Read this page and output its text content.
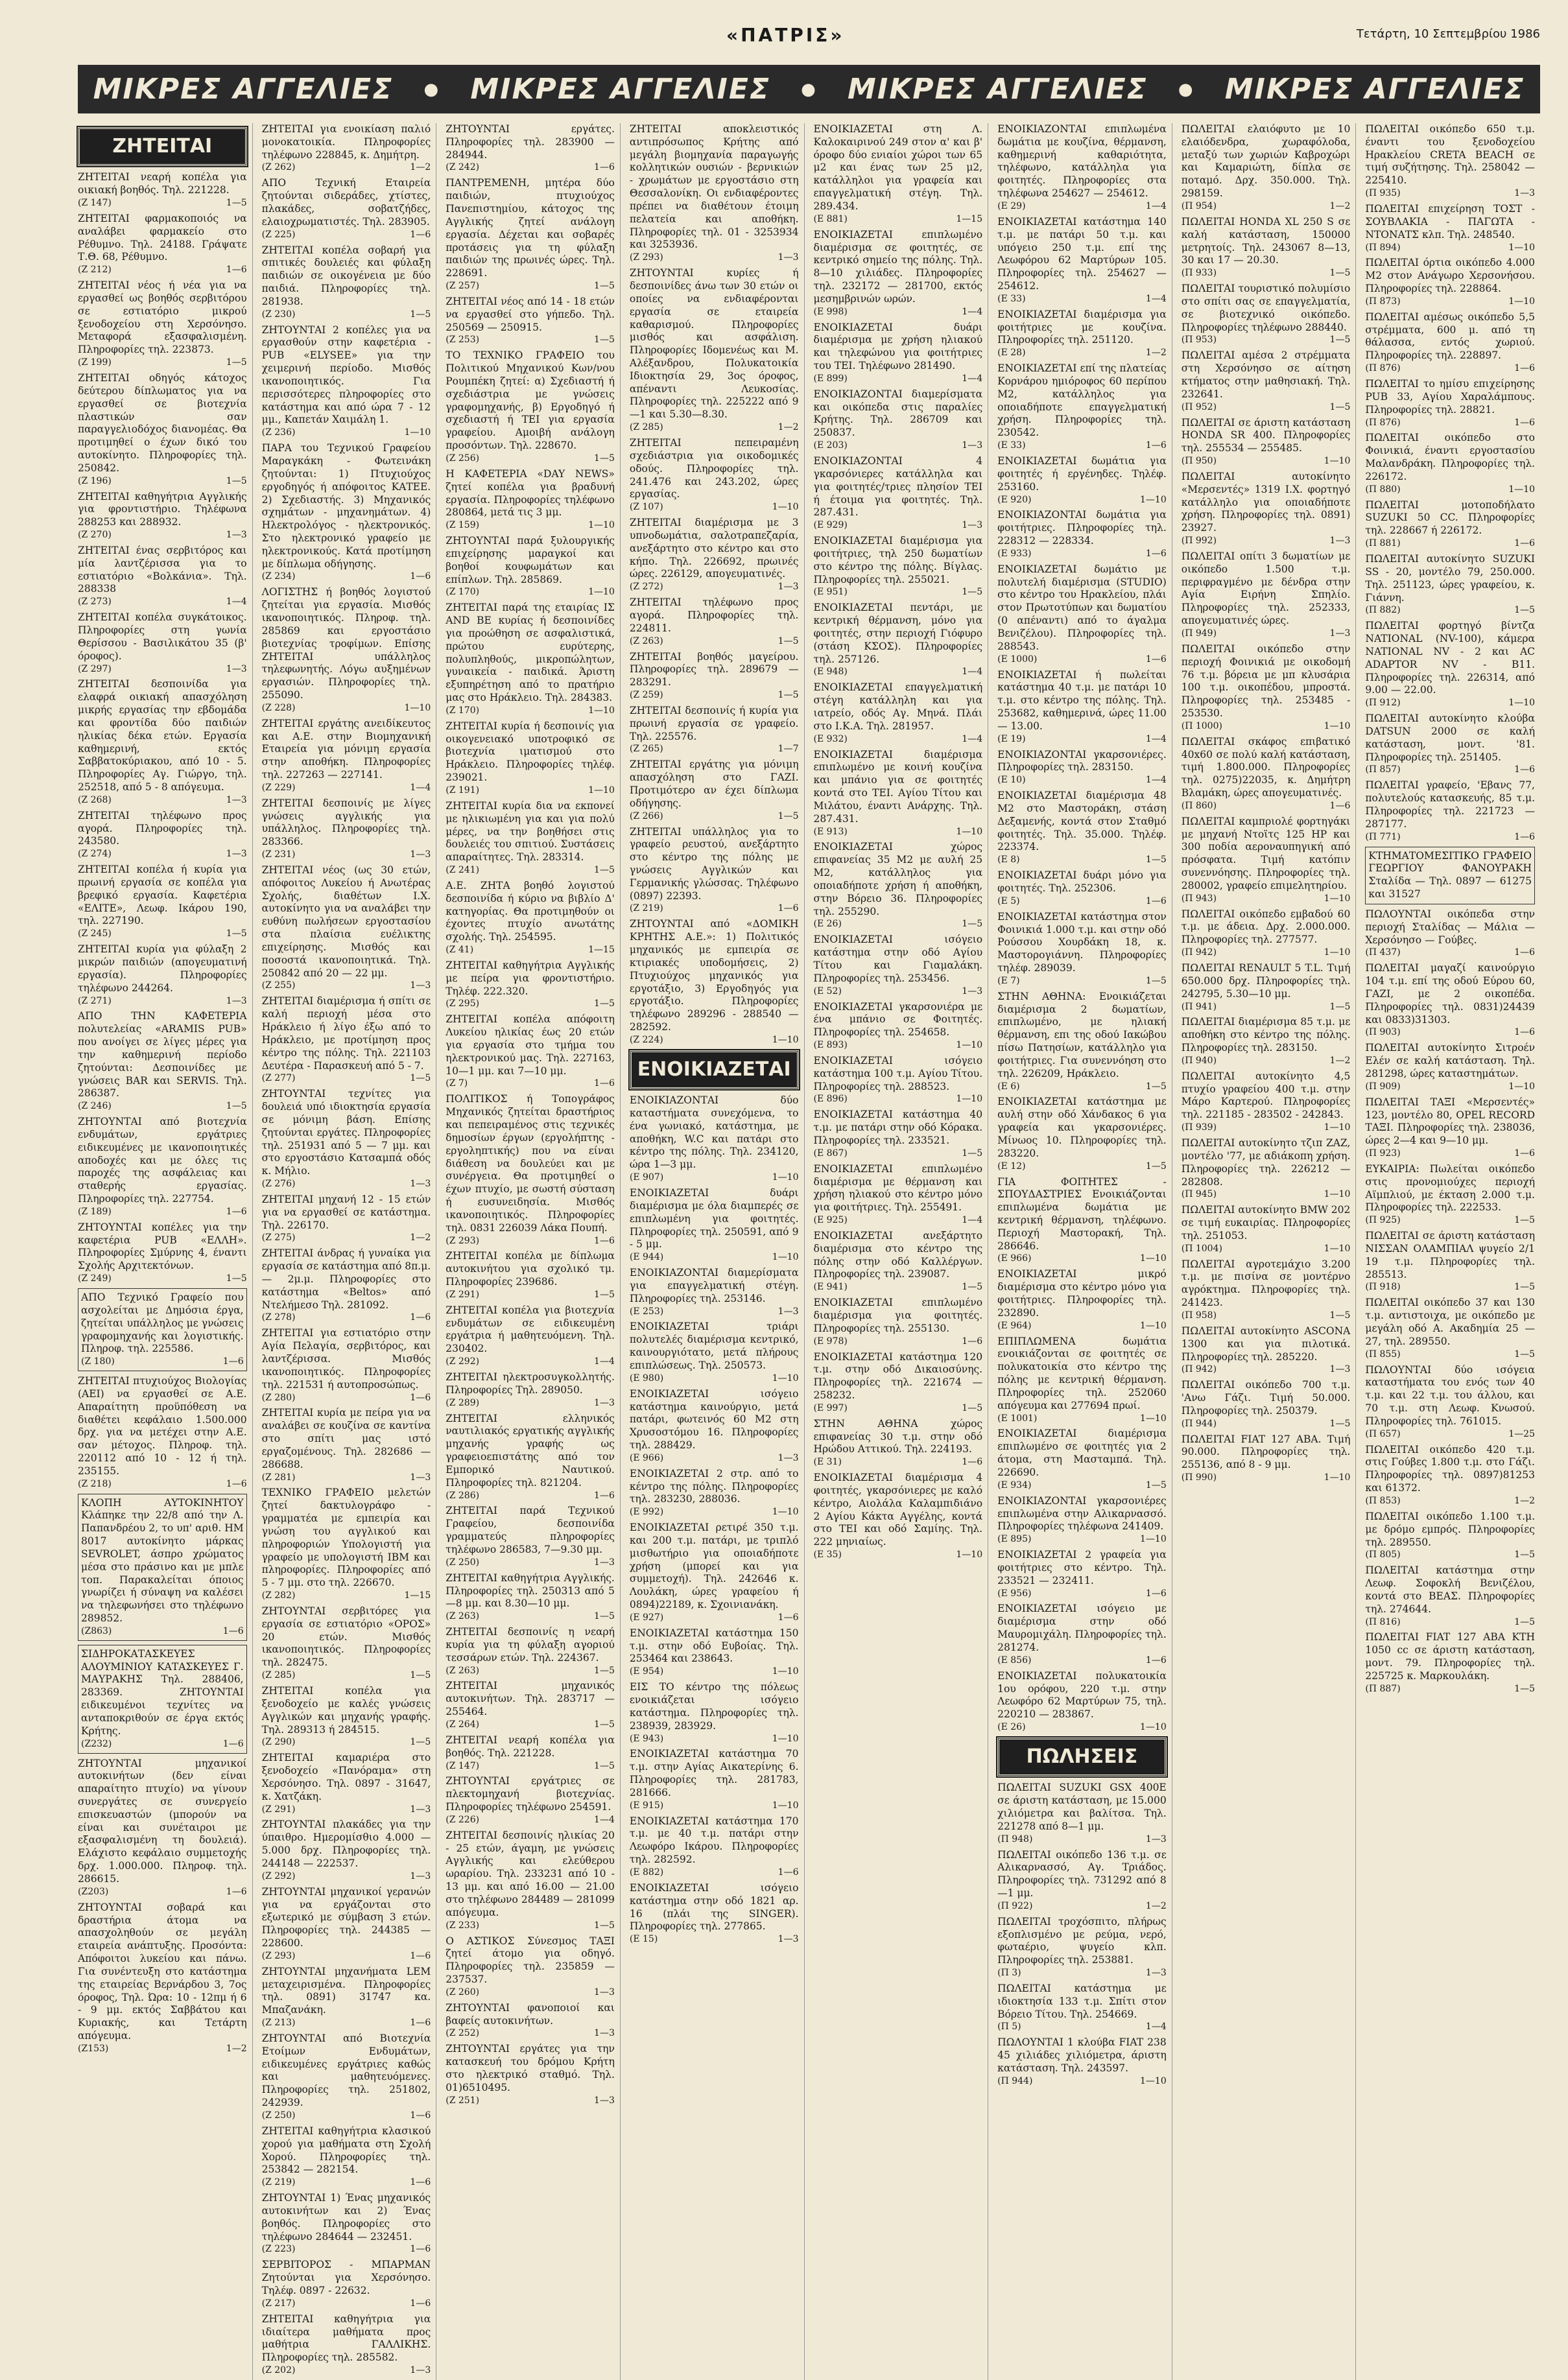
«ΠΑΤΡΙΣ»	Τετάρτη, 10 Σεπτεμβρίου 1986
ΜΙΚΡΕΣ ΑΓΓΕΛΙΕΣ ● ΜΙΚΡΕΣ ΑΓΓΕΛΙΕΣ ● ΜΙΚΡΕΣ ΑΓΓΕΛΙΕΣ ● ΜΙΚΡΕΣ ΑΓΓΕΛΙΕΣ
ΖΗΤΕΙΤΑΙ
ΖΗΤΕΙΤΑΙ νεαρή κοπέλα για οικιακή βοηθός. Τηλ. 221228.
(Ζ 147)	1—5
ΖΗΤΕΙΤΑΙ φαρμακοποιός να αναλάβει φαρμακείο στο Ρέθυμνο. Τηλ. 24188. Γράψατε Τ.Θ. 68, Ρέθυμνο.
(Ζ 212)	1—6
ΖΗΤΕΙΤΑΙ νέος ή νέα για να εργασθεί ως βοηθός σερβιτόρου σε εστιατόριο μικρού ξενοδοχείου στη Χερσόνησο. Μεταφορά εξασφαλισμένη. Πληροφορίες τηλ. 223873.
(Ζ 199)	1—5
ΖΗΤΕΙΤΑΙ οδηγός κάτοχος δεύτερου δίπλωματος για να εργασθεί σε βιοτεχνία πλαστικών σαν παραγγελιοδόχος διανομέας. Θα προτιμηθεί ο έχων δικό του αυτοκίνητο. Πληροφορίες τηλ. 250842.
(Ζ 196)	1—5
ΖΗΤΕΙΤΑΙ καθηγήτρια Αγγλικής για φροντιστήριο. Τηλέφωνα 288253 και 288932.
(Ζ 270)	1—3
ΖΗΤΕΙΤΑΙ ένας σερβιτόρος και μία λαντζέρισσα για το εστιατόριο «Βολκάνια». Τηλ. 288338
(Ζ 273)	1—4
ΖΗΤΕΙΤΑΙ κοπέλα συγκάτοικος. Πληροφορίες στη γωνία Θερίσσου - Βασιλικάτου 35 (β' όροφος).
(Ζ 297)	1—3
ΖΗΤΕΙΤΑΙ δεσποινίδα για ελαφρά οικιακή απασχόληση μικρής εργασίας την εβδομάδα και φροντίδα δύο παιδιών ηλικίας δέκα ετών. Εργασία καθημερινή, εκτός Σαββατοκύριακου, από 10 - 5. Πληροφορίες Αγ. Γιώργο, τηλ. 252518, από 5 - 8 απόγευμα.
(Ζ 268)	1—3
ΖΗΤΕΙΤΑΙ τηλέφωνο προς αγορά. Πληροφορίες τηλ. 243580.
(Ζ 274)	1—3
ΖΗΤΕΙΤΑΙ κοπέλα ή κυρία για πρωινή εργασία σε κοπέλα για βρεφικό εργασία. Καφετέρια «ΕΛΙΤΕ», Λεωφ. Ικάρου 190, τηλ. 227190.
(Ζ 245)	1—5
ΖΗΤΕΙΤΑΙ κυρία για φύλαξη 2 μικρών παιδιών (απογευματινή εργασία). Πληροφορίες τηλέφωνο 244264.
(Ζ 271)	1—3
ΑΠΟ ΤΗΝ ΚΑΦΕΤΕΡΙΑ πολυτελείας «ARAMIS PUB» που ανοίγει σε λίγες μέρες για την καθημερινή περίοδο ζητούνται: Δεσποινίδες με γνώσεις BAR και SERVIS. Τηλ. 286387.
(Ζ 246)	1—5
ΖΗΤΟΥΝΤΑΙ από βιοτεχνία ενδυμάτων, εργάτριες ειδικευμένες με ικανοποιητικές αποδοχές και με όλες τις παροχές της ασφάλειας και σταθερής εργασίας. Πληροφορίες τηλ. 227754.
(Ζ 189)	1—6
ΖΗΤΟΥΝΤΑΙ κοπέλες για την καφετέρια PUB «ΕΛΛΗ». Πληροφορίες Σμύρνης 4, έναντι Σχολής Αρχιτεκτόνων.
(Ζ 249)	1—5
ΑΠΟ Τεχνικό Γραφείο που ασχολείται με Δημόσια έργα, ζητείται υπάλληλος με γνώσεις γραφομηχανής και λογιστικής. Πληροφ. τηλ. 225586.
(Ζ 180)	1—6
ΖΗΤΕΙΤΑΙ πτυχιούχος Βιολογίας (ΑΕΙ) να εργασθεί σε Α.Ε. Απαραίτητη προϋπόθεση να διαθέτει κεφάλαιο 1.500.000 δρχ. για να μετέχει στην Α.Ε. σαν μέτοχος. Πληροφ. τηλ. 220112 από 10 - 12 ή τηλ. 235155.
(Ζ 218)	1—6
ΚΛΟΠΗ ΑΥΤΟΚΙΝΗΤΟΥ Κλάπηκε την 22/8 από την Λ. Παπανδρέου 2, το υπ' αριθ. ΗΜ 8017 αυτοκίνητο μάρκας SEVROLET, άσπρο χρώματος μέσα στο πράσινο και με μπλε τοπ. Παρακαλείται όποιος γνωρίζει ή σύναψη να καλέσει να τηλεφωνήσει στο τηλέφωνο 289852.
(Ζ863)	1—6
ΣΙΔΗΡΟΚΑΤΑΣΚΕΥΕΣ ΑΛΟΥΜΙΝΙΟΥ ΚΑΤΑΣΚΕΥΕΣ Γ. ΜΑΥΡΑΚΗΣ Τηλ. 288406, 283369. ΖΗΤΟΥΝΤΑΙ ειδικευμένοι τεχνίτες να ανταποκριθούν σε έργα εκτός Κρήτης.
(Ζ232)	1—6
ΖΗΤΟΥΝΤΑΙ μηχανικοί αυτοκινήτων (δεν είναι απαραίτητο πτυχίο) να γίνουν συνεργάτες σε συνεργείο επισκευαστών (μπορούν να είναι και συνέταιροι με εξασφαλισμένη τη δουλειά). Ελάχιστο κεφάλαιο συμμετοχής δρχ. 1.000.000. Πληροφ. τηλ. 286615.
(Ζ203)	1—6
ΖΗΤΟΥΝΤΑΙ σοβαρά και δραστήρια άτομα να απασχοληθούν σε μεγάλη εταιρεία ανάπτυξης. Προσόντα: Απόφοιτοι λυκείου και πάνω. Για συνέντευξη στο κατάστημα της εταιρείας Βερνάρδου 3, 7ος όροφος, Τηλ. Ώρα: 10 - 12πμ ή 6 - 9 μμ. εκτός Σαββάτου και Κυριακής, και Τετάρτη απόγευμα.
(Ζ153)	1—2
ΖΗΤΕΙΤΑΙ για ενοικίαση παλιό μονοκατοικία. Πληροφορίες τηλέφωνο 228845, κ. Δημήτρη.
(Ζ 262)	1—2
ΑΠΟ Τεχνική Εταιρεία ζητούνται σιδεράδες, χτίστες, πλακάδες, σοβατζήδες, ελαιοχρωματιστές. Τηλ. 283905.
(Ζ 225)	1—6
ΖΗΤΕΙΤΑΙ κοπέλα σοβαρή για σπιτικές δουλειές και φύλαξη παιδιών σε οικογένεια με δύο παιδιά. Πληροφορίες τηλ. 281938.
(Ζ 230)	1—5
ΖΗΤΟΥΝΤΑΙ 2 κοπέλες για να εργασθούν στην καφετέρια - PUB «ELYSEE» για την χειμερινή περίοδο. Μισθός ικανοποιητικός. Για περισσότερες πληροφορίες στο κατάστημα και από ώρα 7 - 12 μμ., Καπετάν Χαιμάλη 1.
(Ζ 236)	1—10
ΠΑΡΑ του Τεχνικού Γραφείου Μαραγκάκη - Φωτεινάκη ζητούνται: 1) Πτυχιούχος εργοδηγός ή απόφοιτος ΚΑΤΕΕ. 2) Σχεδιαστής. 3) Μηχανικός σχημάτων - μηχανημάτων. 4) Ηλεκτρολόγος - ηλεκτρονικός. Στο ηλεκτρονικό γραφείο με ηλεκτρονικούς. Κατά προτίμηση με δίπλωμα οδήγησης.
(Ζ 234)	1—6
ΛΟΓΙΣΤΗΣ ή βοηθός λογιστού ζητείται για εργασία. Μισθός ικανοποιητικός. Πληροφ. τηλ. 285869 και εργοστάσιο βιοτεχνίας τροφίμων. Επίσης ΖΗΤΕΙΤΑΙ υπάλληλος τηλεφωνητής. Λόγω αυξημένων εργασιών. Πληροφορίες τηλ. 255090.
(Ζ 228)	1—10
ΖΗΤΕΙΤΑΙ εργάτης ανειδίκευτος και Α.Ε. στην Βιομηχανική Εταιρεία για μόνιμη εργασία στην αποθήκη. Πληροφορίες τηλ. 227263 — 227141.
(Ζ 229)	1—4
ΖΗΤΕΙΤΑΙ δεσποινίς με λίγες γνώσεις αγγλικής για υπάλληλος. Πληροφορίες τηλ. 283366.
(Ζ 231)	1—3
ΖΗΤΕΙΤΑΙ νέος (ως 30 ετών, απόφοιτος Λυκείου ή Ανωτέρας Σχολής, διαθέτων Ι.Χ. αυτοκίνητο για να αναλάβει την ευθύνη πωλήσεων εργοστασίου στα πλαίσια ευέλικτης επιχείρησης. Μισθός και ποσοστά ικανοποιητικά. Τηλ. 250842 από 20 — 22 μμ.
(Ζ 255)	1—3
ΖΗΤΕΙΤΑΙ διαμέρισμα ή σπίτι σε καλή περιοχή μέσα στο Ηράκλειο ή λίγο έξω από το Ηράκλειο, με προτίμηση προς κέντρο της πόλης. Τηλ. 221103 Δευτέρα - Παρασκευή από 5 - 7.
(Ζ 277)	1—5
ΖΗΤΟΥΝΤΑΙ τεχνίτες για δουλειά υπό ιδιοκτησία εργασία σε μόνιμη βάση. Επίσης ζητούνται εργάτες. Πληροφορίες τηλ. 251931 από 5 — 7 μμ. και στο εργοστάσιο Κατσαμπά οδός κ. Μήλιο.
(Ζ 276)	1—3
ΖΗΤΕΙΤΑΙ μηχανή 12 - 15 ετών για να εργασθεί σε κατάστημα. Τηλ. 226170.
(Ζ 275)	1—2
ΖΗΤΕΙΤΑΙ άνδρας ή γυναίκα για εργασία σε κατάστημα από 8π.μ. — 2μ.μ. Πληροφορίες στο κατάστημα «Beltos» από Ντελήμεσο Τηλ. 281092.
(Ζ 278)	1—6
ΖΗΤΕΙΤΑΙ για εστιατόριο στην Αγία Πελαγία, σερβιτόρος, και λαντζέρισσα. Μισθός ικανοποιητικός. Πληροφορίες τηλ. 221531 ή αυτοπροσώπως.
(Ζ 280)	1—6
ΖΗΤΕΙΤΑΙ κυρία με πείρα για να αναλάβει σε κουζίνα σε καντίνα στο σπίτι μας ιστό εργαζομένους. Τηλ. 282686 — 286688.
(Ζ 281)	1—3
ΤΕΧΝΙΚΟ ΓΡΑΦΕΙΟ μελετών ζητεί δακτυλογράφο - γραμματέα με εμπειρία και γνώση του αγγλικού και πληροφοριών Υπολογιστή για γραφείο με υπολογιστή IBM και πληροφορίες. Πληροφορίες από 5 - 7 μμ. στο τηλ. 226670.
(Ζ 282)	1—15
ΖΗΤΟΥΝΤΑΙ σερβιτόρες για εργασία σε εστιατόριο «ΟΡΟΣ» 20 ετών. Μισθός ικανοποιητικός. Πληροφορίες τηλ. 282475.
(Ζ 285)	1—5
ΖΗΤΕΙΤΑΙ κοπέλα για ξενοδοχείο με καλές γνώσεις Αγγλικών και μηχανής γραφής. Τηλ. 289313 ή 284515.
(Ζ 290)	1—5
ΖΗΤΕΙΤΑΙ καμαριέρα στο ξενοδοχείο «Πανόραμα» στη Χερσόνησο. Τηλ. 0897 - 31647, κ. Χατζάκη.
(Ζ 291)	1—3
ΖΗΤΟΥΝΤΑΙ πλακάδες για την ύπαιθρο. Ημερομίσθιο 4.000 — 5.000 δρχ. Πληροφορίες τηλ. 244148 — 222537.
(Ζ 292)	1—3
ΖΗΤΟΥΝΤΑΙ μηχανικοί γερανών για να εργάζονται στο εξωτερικό με σύμβαση 3 ετών. Πληροφορίες τηλ. 244385 — 228600.
(Ζ 293)	1—6
ΖΗΤΟΥΝΤΑΙ μηχανήματα LEM μεταχειρισμένα. Πληροφορίες τηλ. 0891) 31747 κα. Μπαζανάκη.
(Ζ 213)	1—6
ΖΗΤΟΥΝΤΑΙ από Βιοτεχνία Ετοίμων Ενδυμάτων, ειδικευμένες εργάτριες καθώς και μαθητευόμενες. Πληροφορίες τηλ. 251802, 242939.
(Ζ 250)	1—6
ΖΗΤΕΙΤΑΙ καθηγήτρια κλασικού χορού για μαθήματα στη Σχολή Χορού. Πληροφορίες τηλ. 253842 — 282154.
(Ζ 219)	1—6
ΖΗΤΟΥΝΤΑΙ 1) Ένας μηχανικός αυτοκινήτων και 2) Ένας βοηθός. Πληροφορίες στο τηλέφωνο 284644 — 232451.
(Ζ 223)	1—6
ΣΕΡΒΙΤΟΡΟΣ - ΜΠΑΡΜΑΝ Ζητούνται για Χερσόνησο. Τηλέφ. 0897 - 22632.
(Ζ 217)	1—6
ΖΗΤΕΙΤΑΙ καθηγήτρια για ιδιαίτερα μαθήματα προς μαθήτρια ΓΑΛΛΙΚΗΣ. Πληροφορίες τηλ. 285582.
(Ζ 202)	1—3
ΖΗΤΟΥΝΤΑΙ εργάτες. Πληροφορίες τηλ. 283900 — 284944.
(Ζ 242)	1—6
ΠΑΝΤΡΕΜΕΝΗ, μητέρα δύο παιδιών, πτυχιούχος Πανεπιστημίου, κάτοχος της Αγγλικής ζητεί ανάλογη εργασία. Δέχεται και σοβαρές προτάσεις για τη φύλαξη παιδιών της πρωινές ώρες. Τηλ. 228691.
(Ζ 257)	1—5
ΖΗΤΕΙΤΑΙ νέος από 14 - 18 ετών να εργασθεί στο γήπεδο. Τηλ. 250569 — 250915.
(Ζ 253)	1—5
ΤΟ ΤΕΧΝΙΚΟ ΓΡΑΦΕΙΟ του Πολιτικού Μηχανικού Κων/νου Ρουμπέκη ζητεί: α) Σχεδιαστή ή σχεδιάστρια με γνώσεις γραφομηχανής, β) Εργοδηγό ή σχεδιαστή ή ΤΕΙ για εργασία γραφείου. Αμοιβή ανάλογη προσόντων. Τηλ. 228670.
(Ζ 256)	1—5
Η ΚΑΦΕΤΕΡΙΑ «DAY NEWS» ζητεί κοπέλα για βραδυνή εργασία. Πληροφορίες τηλέφωνο 280864, μετά τις 3 μμ.
(Ζ 159)	1—10
ΖΗΤΟΥΝΤΑΙ παρά ξυλουργικής επιχείρησης μαραγκοί και βοηθοί κουφωμάτων και επίπλων. Τηλ. 285869.
(Ζ 170)	1—10
ΖΗΤΕΙΤΑΙ παρά της εταιρίας ΙΣ AND ΒΕ κυρίας ή δεσποινίδες για προώθηση σε ασφαλιστικά, πρώτου ευρύτερης, πολυπληθούς, μικροπώλητων, γυναικεία - παιδικά. Άριστη εξυπηρέτηση από το πρατήριο μας στο Ηράκλειο. Τηλ. 284383.
(Ζ 170)	1—10
ΖΗΤΕΙΤΑΙ κυρία ή δεσποινίς για οικογενειακό υποτροφικό σε βιοτεχνία ιματισμού στο Ηράκλειο. Πληροφορίες τηλέφ. 239021.
(Ζ 191)	1—10
ΖΗΤΕΙΤΑΙ κυρία δια να εκπονεί με ηλικιωμένη για και για πολύ μέρες, να την βοηθήσει στις δουλειές του σπιτιού. Συστάσεις απαραίτητες. Τηλ. 283314.
(Ζ 241)	1—5
Α.Ε. ΖΗΤΑ βοηθό λογιστού δεσποινίδα ή κύριο να βιβλίο Δ' κατηγορίας. Θα προτιμηθούν οι έχοντες πτυχίο ανωτάτης σχολής. Τηλ. 254595.
(Ζ 41)	1—15
ΖΗΤΕΙΤΑΙ καθηγήτρια Αγγλικής με πείρα για φροντιστήριο. Τηλέφ. 222.320.
(Ζ 295)	1—5
ΖΗΤΕΙΤΑΙ κοπέλα απόφοιτη Λυκείου ηλικίας έως 20 ετών για εργασία στο τμήμα του ηλεκτρονικού μας. Τηλ. 227163, 10—1 μμ. και 7—10 μμ.
(Ζ 7)	1—6
ΠΟΛΙΤΙΚΟΣ ή Τοπογράφος Μηχανικός ζητείται δραστήριος και πεπειραμένος στις τεχνικές δημοσίων έργων (εργολήπτης - εργοληπτικής) που να είναι διάθεση να δουλεύει και με συνέργεια. Θα προτιμηθεί ο έχων πτυχίο, με σωστή σύσταση ή ευσυνειδησία. Μισθός ικανοποιητικός. Πληροφορίες τηλ. 0831 226039 Λάκα Πουπή.
(Ζ 293)	1—6
ΖΗΤΕΙΤΑΙ κοπέλα με δίπλωμα αυτοκινήτου για σχολικό τμ. Πληροφορίες 239686.
(Ζ 291)	1—5
ΖΗΤΕΙΤΑΙ κοπέλα για βιοτεχνία ενδυμάτων σε ειδικευμένη εργάτρια ή μαθητευόμενη. Τηλ. 230402.
(Ζ 292)	1—4
ΖΗΤΕΙΤΑΙ ηλεκτροσυγκολλητής. Πληροφορίες Τηλ. 289050.
(Ζ 289)	1—3
ΖΗΤΕΙΤΑΙ ελληνικός ναυτιλιακός εργατικής αγγλικής μηχανής γραφής ως γραφειοεπιστάτης από τον Εμπορικό Ναυτικού. Πληροφορίες τηλ. 821204.
(Ζ 286)	1—6
ΖΗΤΕΙΤΑΙ παρά Τεχνικού Γραφείου, δεσποινίδα γραμματεύς πληροφορίες τηλέφωνο 286583, 7—9.30 μμ.
(Ζ 250)	1—3
ΖΗΤΕΙΤΑΙ καθηγήτρια Αγγλικής. Πληροφορίες τηλ. 250313 από 5—8 μμ. και 8.30—10 μμ.
(Ζ 263)	1—5
ΖΗΤΕΙΤΑΙ δεσποινίς η νεαρή κυρία για τη φύλαξη αγοριού τεσσάρων ετών. Τηλ. 224367.
(Ζ 263)	1—5
ΖΗΤΕΙΤΑΙ μηχανικός αυτοκινήτων. Τηλ. 283717 — 255464.
(Ζ 264)	1—5
ΖΗΤΕΙΤΑΙ νεαρή κοπέλα για βοηθός. Τηλ. 221228.
(Ζ 147)	1—5
ΖΗΤΟΥΝΤΑΙ εργάτριες σε πλεκτομηχανή βιοτεχνίας. Πληροφορίες τηλέφωνο 254591.
(Ζ 226)	1—4
ΖΗΤΕΙΤΑΙ δεσποινίς ηλικίας 20 - 25 ετών, άγαμη, με γνώσεις Αγγλικής και ελεύθερου ωραρίου. Τηλ. 233231 από 10 - 13 μμ. και από 16.00 — 21.00 στο τηλέφωνο 284489 — 281099 απόγευμα.
(Ζ 233)	1—5
Ο ΑΣΤΙΚΟΣ Σύνεσμος ΤΑΞΙ ζητεί άτομο για οδηγό. Πληροφορίες τηλ. 235859 — 237537.
(Ζ 260)	1—3
ΖΗΤΟΥΝΤΑΙ φανοποιοί και βαφείς αυτοκινήτων.
(Ζ 252)	1—3
ΖΗΤΟΥΝΤΑΙ εργάτες για την κατασκευή του δρόμου Κρήτη στο ηλεκτρικό σταθμό. Τηλ. 01)6510495.
(Ζ 251)	1—3
ΖΗΤΕΙΤΑΙ αποκλειστικός αντιπρόσωπος Κρήτης από μεγάλη βιομηχανία παραγωγής κολλητικών ουσιών - βερνικιών - χρωμάτων με εργοστάσιο στη Θεσσαλονίκη. Οι ενδιαφέροντες πρέπει να διαθέτουν έτοιμη πελατεία και αποθήκη. Πληροφορίες τηλ. 01 - 3253934 και 3253936.
(Ζ 293)	1—3
ΖΗΤΟΥΝΤΑΙ κυρίες ή δεσποινίδες άνω των 30 ετών οι οποίες να ενδιαφέρονται εργασία σε εταιρεία καθαρισμού. Πληροφορίες μισθός και ασφάλιση. Πληροφορίες Ιδομενέως και Μ. Αλέξανδρου, Πολυκατοικία Ιδιοκτησία 29, 3ος όροφος, απέναντι Λευκοσίας. Πληροφορίες τηλ. 225222 από 9—1 και 5.30—8.30.
(Ζ 285)	1—2
ΖΗΤΕΙΤΑΙ πεπειραμένη σχεδιάστρια για οικοδομικές οδούς. Πληροφορίες τηλ. 241.476 και 243.202, ώρες εργασίας.
(Ζ 107)	1—10
ΖΗΤΕΙΤΑΙ διαμέρισμα με 3 υπνοδωμάτια, σαλοτραπεζαρία, ανεξάρτητο στο κέντρο και στο κήπο. Τηλ. 226692, πρωινές ώρες. 226129, απογευματινές.
(Ζ 272)	1—3
ΖΗΤΕΙΤΑΙ τηλέφωνο προς αγορά. Πληροφορίες τηλ. 224811.
(Ζ 263)	1—5
ΖΗΤΕΙΤΑΙ βοηθός μαγείρου. Πληροφορίες τηλ. 289679 — 283291.
(Ζ 259)	1—5
ΖΗΤΕΙΤΑΙ δεσποινίς ή κυρία για πρωινή εργασία σε γραφείο. Τηλ. 225576.
(Ζ 265)	1—7
ΖΗΤΕΙΤΑΙ εργάτης για μόνιμη απασχόληση στο ΓΑΖΙ. Προτιμότερο αν έχει δίπλωμα οδήγησης.
(Ζ 266)	1—5
ΖΗΤΕΙΤΑΙ υπάλληλος για το γραφείο ρευστού, ανεξάρτητο στο κέντρο της πόλης με γνώσεις Αγγλικών και Γερμανικής γλώσσας. Τηλέφωνο (0897) 22393.
(Ζ 219)	1—6
ΖΗΤΟΥΝΤΑΙ από «ΔΟΜΙΚΗ ΚΡΗΤΗΣ Α.Ε.»: 1) Πολιτικός μηχανικός με εμπειρία σε κτιριακές υποδομήσεις, 2) Πτυχιούχος μηχανικός για εργοτάξιο, 3) Εργοδηγός για εργοτάξιο. Πληροφορίες τηλέφωνο 289296 - 288540 — 282592.
(Ζ 224)	1—10
ΕΝΟΙΚΙΑΖΕΤΑΙ
ΕΝΟΙΚΙΑΖΟΝΤΑΙ δύο καταστήματα συνεχόμενα, το ένα γωνιακό, κατάστημα, με αποθήκη, W.C και πατάρι στο κέντρο της πόλης. Τηλ. 234120, ώρα 1—3 μμ.
(Ε 907)	1—10
ΕΝΟΙΚΙΑΖΕΤΑΙ δυάρι διαμέρισμα με όλα διαμπερές σε επιπλωμένη για φοιτητές. Πληροφορίες τηλ. 250591, από 9 - 5 μμ.
(Ε 944)	1—10
ΕΝΟΙΚΙΑΖΟΝΤΑΙ διαμερίσματα για επαγγελματική στέγη. Πληροφορίες τηλ. 253146.
(Ε 253)	1—3
ΕΝΟΙΚΙΑΖΕΤΑΙ τριάρι πολυτελές διαμέρισμα κεντρικό, καινουργιότατο, μετά πλήρους επιπλώσεως. Τηλ. 250573.
(Ε 980)	1—10
ΕΝΟΙΚΙΑΖΕΤΑΙ ισόγειο κατάστημα καινούργιο, μετά πατάρι, φωτεινός 60 Μ2 στη Χρυσοστόμου 16. Πληροφορίες τηλ. 288429.
(Ε 966)	1—3
ΕΝΟΙΚΙΑΖΕΤΑΙ 2 στρ. από το κέντρο της πόλης. Πληροφορίες τηλ. 283230, 288036.
(Ε 992)	1—10
ΕΝΟΙΚΙΑΖΕΤΑΙ ρετιρέ 350 τ.μ. και 200 τ.μ. πατάρι, με τριπλό μισθωτήριο για οποιαδήποτε χρήση (μπορεί και για συμμετοχή). Τηλ. 242646 κ. Λουλάκη, ώρες γραφείου ή 0894)22189, κ. Σχοινιανάκη.
(Ε 927)	1—6
ΕΝΟΙΚΙΑΖΕΤΑΙ κατάστημα 150 τ.μ. στην οδό Ευβοίας. Τηλ. 253464 και 238643.
(Ε 954)	1—10
ΕΙΣ ΤΟ κέντρο της πόλεως ενοικιάζεται ισόγειο κατάστημα. Πληροφορίες τηλ. 238939, 283929.
(Ε 943)	1—10
ΕΝΟΙΚΙΑΖΕΤΑΙ κατάστημα 70 τ.μ. στην Αγίας Αικατερίνης 6. Πληροφορίες τηλ. 281783, 281666.
(Ε 915)	1—10
ΕΝΟΙΚΙΑΖΕΤΑΙ κατάστημα 170 τ.μ. με 40 τ.μ. πατάρι στην Λεωφόρο Ικάρου. Πληροφορίες τηλ. 282592.
(Ε 882)	1—6
ΕΝΟΙΚΙΑΖΕΤΑΙ ισόγειο κατάστημα στην οδό 1821 αρ. 16 (πλάι της SINGER). Πληροφορίες τηλ. 277865.
(Ε 15)	1—3
ΕΝΟΙΚΙΑΖΕΤΑΙ στη Λ. Καλοκαιρινού 249 στον α' και β' όροφο δύο ενιαίοι χώροι των 65 μ2 και ένας των 25 μ2, κατάλληλοι για γραφεία και επαγγελματική στέγη. Τηλ. 289.434.
(Ε 881)	1—15
ΕΝΟΙΚΙΑΖΕΤΑΙ επιπλωμένο διαμέρισμα σε φοιτητές, σε κεντρικό σημείο της πόλης. Τηλ. 8—10 χιλιάδες. Πληροφορίες τηλ. 232172 — 281700, εκτός μεσημβρινών ωρών.
(Ε 998)	1—4
ΕΝΟΙΚΙΑΖΕΤΑΙ δυάρι διαμέρισμα με χρήση ηλιακού και τηλεφώνου για φοιτήτριες του ΤΕΙ. Τηλέφωνο 281490.
(Ε 899)	1—4
ΕΝΟΙΚΙΑΖΟΝΤΑΙ διαμερίσματα και οικόπεδα στις παραλίες Κρήτης. Τηλ. 286709 και 250837.
(Ε 203)	1—3
ΕΝΟΙΚΙΑΖΟΝΤΑΙ 4 γκαρσόνιερες κατάλληλα και για φοιτητές/τριες πλησίον ΤΕΙ ή έτοιμα για φοιτητές. Τηλ. 287.431.
(Ε 929)	1—3
ΕΝΟΙΚΙΑΖΕΤΑΙ διαμέρισμα για φοιτήτριες, τηλ 250 δωματίων στο κέντρο της πόλης. Βίγλας. Πληροφορίες τηλ. 255021.
(Ε 951)	1—5
ΕΝΟΙΚΙΑΖΕΤΑΙ πεντάρι, με κεντρική θέρμανση, μόνο για φοιτητές, στην περιοχή Γιόφυρο (στάση ΚΣΟΣ). Πληροφορίες τηλ. 257126.
(Ε 948)	1—4
ΕΝΟΙΚΙΑΖΕΤΑΙ επαγγελματική στέγη κατάλληλη και για ιατρείο, οδός Αγ. Μηνά. Πλάι στο Ι.Κ.Α. Τηλ. 281957.
(Ε 932)	1—4
ΕΝΟΙΚΙΑΖΕΤΑΙ διαμέρισμα επιπλωμένο με κοινή κουζίνα και μπάνιο για σε φοιτητές κοντά στο ΤΕΙ. Αγίου Τίτου και Μιλάτου, έναντι Ανάρχης. Τηλ. 287.431.
(Ε 913)	1—10
ΕΝΟΙΚΙΑΖΕΤΑΙ χώρος επιφανείας 35 Μ2 με αυλή 25 Μ2, κατάλληλος για οποιαδήποτε χρήση ή αποθήκη, στην Βόρειο 36. Πληροφορίες τηλ. 255290.
(Ε 26)	1—5
ΕΝΟΙΚΙΑΖΕΤΑΙ ισόγειο κατάστημα στην οδό Αγίου Τίτου και Γιαμαλάκη. Πληροφορίες τηλ. 253456.
(Ε 52)	1—3
ΕΝΟΙΚΙΑΖΕΤΑΙ γκαρσονιέρα με ένα μπάνιο σε Φοιτητές. Πληροφορίες τηλ. 254658.
(Ε 893)	1—10
ΕΝΟΙΚΙΑΖΕΤΑΙ ισόγειο κατάστημα 100 τ.μ. Αγίου Τίτου. Πληροφορίες τηλ. 288523.
(Ε 896)	1—10
ΕΝΟΙΚΙΑΖΕΤΑΙ κατάστημα 40 τ.μ. με πατάρι στην οδό Κόρακα. Πληροφορίες τηλ. 233521.
(Ε 867)	1—5
ΕΝΟΙΚΙΑΖΕΤΑΙ επιπλωμένο διαμέρισμα με θέρμανση και χρήση ηλιακού στο κέντρο μόνο για φοιτήτριες. Τηλ. 255491.
(Ε 925)	1—4
ΕΝΟΙΚΙΑΖΕΤΑΙ ανεξάρτητο διαμέρισμα στο κέντρο της πόλης στην οδό Καλλέργων. Πληροφορίες τηλ. 239087.
(Ε 941)	1—5
ΕΝΟΙΚΙΑΖΕΤΑΙ επιπλωμένο διαμέρισμα για φοιτητές. Πληροφορίες τηλ. 255130.
(Ε 978)	1—6
ΕΝΟΙΚΙΑΖΕΤΑΙ κατάστημα 120 τ.μ. στην οδό Δικαιοσύνης. Πληροφορίες τηλ. 221674 — 258232.
(Ε 997)	1—5
ΣΤΗΝ ΑΘΗΝΑ χώρος επιφανείας 30 τ.μ. στην οδό Ηρώδου Αττικού. Τηλ. 224193.
(Ε 31)	1—6
ΕΝΟΙΚΙΑΖΕΤΑΙ διαμέρισμα 4 φοιτητές, γκαρσόνιερες με καλό κέντρο, Αιολάλα Καλαμπιδιάνο 2 Αγίου Κάκτα Αγγέλης, κοντά στο ΤΕΙ και οδό Σαμίης. Τηλ. 222 μηνιαίως.
(Ε 35)	1—10
ΕΝΟΙΚΙΑΖΟΝΤΑΙ επιπλωμένα δωμάτια με κουζίνα, θέρμανση, καθημερινή καθαριότητα, τηλέφωνο, κατάλληλα για φοιτητές. Πληροφορίες στα τηλέφωνα 254627 — 254612.
(Ε 29)	1—4
ΕΝΟΙΚΙΑΖΕΤΑΙ κατάστημα 140 τ.μ. με πατάρι 50 τ.μ. και υπόγειο 250 τ.μ. επί της Λεωφόρου 62 Μαρτύρων 105. Πληροφορίες τηλ. 254627 — 254612.
(Ε 33)	1—4
ΕΝΟΙΚΙΑΖΕΤΑΙ διαμέρισμα για φοιτήτριες με κουζίνα. Πληροφορίες τηλ. 251120.
(Ε 28)	1—2
ΕΝΟΙΚΙΑΖΕΤΑΙ επί της πλατείας Κορνάρου ημιόροφος 60 περίπου Μ2, κατάλληλος για οποιαδήποτε επαγγελματική χρήση. Πληροφορίες τηλ. 230542.
(Ε 33)	1—6
ΕΝΟΙΚΙΑΖΕΤΑΙ δωμάτια για φοιτητές ή εργένηδες. Τηλέφ. 253160.
(Ε 920)	1—10
ΕΝΟΙΚΙΑΖΟΝΤΑΙ δωμάτια για φοιτήτριες. Πληροφορίες τηλ. 228312 — 228334.
(Ε 933)	1—6
ΕΝΟΙΚΙΑΖΕΤΑΙ δωμάτιο με πολυτελή διαμέρισμα (STUDIO) στο κέντρο του Ηρακλείου, πλάι στον Πρωτοτύπων και δωματίου (0 απέναντι) από το άγαλμα Βενιζέλου). Πληροφορίες τηλ. 288543.
(Ε 1000)	1—6
ΕΝΟΙΚΙΑΖΕΤΑΙ ή πωλείται κατάστημα 40 τ.μ. με πατάρι 10 τ.μ. στο κέντρο της πόλης. Τηλ. 253682, καθημερινά, ώρες 11.00 — 13.00.
(Ε 19)	1—4
ΕΝΟΙΚΙΑΖΟΝΤΑΙ γκαρσονιέρες. Πληροφορίες τηλ. 283150.
(Ε 10)	1—4
ΕΝΟΙΚΙΑΖΕΤΑΙ διαμέρισμα 48 Μ2 στο Μαστοράκη, στάση Δεξαμενής, κοντά στον Σταθμό φοιτητές. Τηλ. 35.000. Τηλέφ. 223374.
(Ε 8)	1—5
ΕΝΟΙΚΙΑΖΕΤΑΙ δυάρι μόνο για φοιτητές. Τηλ. 252306.
(Ε 5)	1—6
ΕΝΟΙΚΙΑΖΕΤΑΙ κατάστημα στον Φοινικιά 1.000 τ.μ. και στην οδό Ρούσσου Χουρδάκη 18, κ. Μαστορογιάννη. Πληροφορίες τηλέφ. 289039.
(Ε 7)	1—5
ΣΤΗΝ ΑΘΗΝΑ: Ενοικιάζεται διαμέρισμα 2 δωματίων, επιπλωμένο, με ηλιακή θέρμανση, επι της οδού Ιακώβου πίσω Πατησίων, κατάλληλο για φοιτήτριες. Για συνεννόηση στο τηλ. 226209, Ηράκλειο.
(Ε 6)	1—5
ΕΝΟΙΚΙΑΖΕΤΑΙ κατάστημα με αυλή στην οδό Χάνδακος 6 για γραφεία και γκαρσονιέρες. Μίνωος 10. Πληροφορίες τηλ. 283220.
(Ε 12)	1—5
ΓΙΑ ΦΟΙΤΗΤΕΣ - ΣΠΟΥΔΑΣΤΡΙΕΣ Ενοικιάζονται επιπλωμένα δωμάτια με κεντρική θέρμανση, τηλέφωνο. Περιοχή Μαστορακή, Τηλ. 286646.
(Ε 966)	1—10
ΕΝΟΙΚΙΑΖΕΤΑΙ μικρό διαμέρισμα στο κέντρο μόνο για φοιτήτριες. Πληροφορίες τηλ. 232890.
(Ε 964)	1—10
ΕΠΙΠΛΩΜΕΝΑ δωμάτια ενοικιάζονται σε φοιτητές σε πολυκατοικία στο κέντρο της πόλης με κεντρική θέρμανση. Πληροφορίες τηλ. 252060 απόγευμα και 277694 πρωί.
(Ε 1001)	1—10
ΕΝΟΙΚΙΑΖΕΤΑΙ διαμέρισμα επιπλωμένο σε φοιτητές για 2 άτομα, στη Μασταμπά. Τηλ. 226690.
(Ε 934)	1—5
ΕΝΟΙΚΙΑΖΟΝΤΑΙ γκαρσονιέρες επιπλωμένα στην Αλικαρνασσό. Πληροφορίες τηλέφωνα 241409.
(Ε 895)	1—10
ΕΝΟΙΚΙΑΖΕΤΑΙ 2 γραφεία για φοιτήτριες στο κέντρο. Τηλ. 233521 — 232411.
(Ε 956)	1—6
ΕΝΟΙΚΙΑΖΕΤΑΙ ισόγειο με διαμέρισμα στην οδό Μαυρομιχάλη. Πληροφορίες τηλ. 281274.
(Ε 856)	1—6
ΕΝΟΙΚΙΑΖΕΤΑΙ πολυκατοικία 1ου ορόφου, 220 τ.μ. στην Λεωφόρο 62 Μαρτύρων 75, τηλ. 220210 — 283867.
(Ε 26)	1—10
ΠΩΛΗΣΕΙΣ
ΠΩΛΕΙΤΑΙ SUZUKI GSX 400E σε άριστη κατάσταση, με 15.000 χιλιόμετρα και βαλίτσα. Τηλ. 221278 από 8—1 μμ.
(Π 948)	1—3
ΠΩΛΕΙΤΑΙ οικόπεδο 136 τ.μ. σε Αλικαρνασσό, Αγ. Τριάδος. Πληροφορίες τηλ. 731292 από 8—1 μμ.
(Π 922)	1—2
ΠΩΛΕΙΤΑΙ τροχόσπιτο, πλήρως εξοπλισμένο με ρεύμα, νερό, φωταέριο, ψυγείο κλπ. Πληροφορίες τηλ. 253881.
(Π 3)	1—3
ΠΩΛΕΙΤΑΙ κατάστημα με ιδιοκτησία 133 τ.μ. Σπίτι στον Βόρειο Τίτου. Τηλ. 254669.
(Π 5)	1—4
ΠΩΛΟΥΝΤΑΙ 1 κλούβα FIAT 238 45 χιλιάδες χιλιόμετρα, άριστη κατάσταση. Τηλ. 243597.
(Π 944)	1—10
ΠΩΛΕΙΤΑΙ ελαιόφυτο με 10 ελαιόδενδρα, χωραφόλοδα, μεταξύ των χωριών Καβροχώρι και Καμαριώτη, δίπλα σε ποταμό. Δρχ. 350.000. Τηλ. 298159.
(Π 954)	1—2
ΠΩΛΕΙΤΑΙ HONDA XL 250 S σε καλή κατάσταση, 150000 μετρητοίς. Τηλ. 243067 8—13, 30 και 17 — 20.30.
(Π 933)	1—5
ΠΩΛΕΙΤΑΙ τουριστικό πολυμίσιο στο σπίτι σας σε επαγγελματία, σε βιοτεχνικό οικόπεδο. Πληροφορίες τηλέφωνο 288440.
(Π 953)	1—5
ΠΩΛΕΙΤΑΙ αμέσα 2 στρέμματα στη Χερσόνησο σε αίτηση κτήματος στην μαθησιακή. Τηλ. 232641.
(Π 952)	1—5
ΠΩΛΕΙΤΑΙ σε άριστη κατάσταση HONDA SR 400. Πληροφορίες τηλ. 255534 — 255485.
(Π 950)	1—10
ΠΩΛΕΙΤΑΙ αυτοκίνητο «Μερσεντές» 1319 Ι.Χ. φορτηγό κατάλληλο για οποιαδήποτε χρήση. Πληροφορίες τηλ. 0891) 23927.
(Π 992)	1—3
ΠΩΛΕΙΤΑΙ οπίτι 3 δωματίων με οικόπεδο 1.500 τ.μ. περιφραγμένο με δένδρα στην Αγία Ειρήνη Σπηλίο. Πληροφορίες τηλ. 252333, απογευματινές ώρες.
(Π 949)	1—3
ΠΩΛΕΙΤΑΙ οικόπεδο στην περιοχή Φοινικιά με οικοδομή 76 τ.μ. βόρεια με μπ κλυσάρια 100 τ.μ. οικοπέδου, μπροστά. Πληροφορίες τηλ. 253485 - 253530.
(Π 1000)	1—10
ΠΩΛΕΙΤΑΙ σκάφος επιβατικό 40x60 σε πολύ καλή κατάσταση, τιμή 1.800.000. Πληροφορίες τηλ. 0275)22035, κ. Δημήτρη Βλαμάκη, ώρες απογευματινές.
(Π 860)	1—6
ΠΩΛΕΙΤΑΙ καμπριολέ φορτηγάκι με μηχανή Ντοϊτς 125 HP και 300 ποδία αεροναυπηγική από πρόσφατα. Τιμή κατόπιν συνεννόησης. Πληροφορίες τηλ. 280002, γραφείο επιμελητηρίου.
(Π 943)	1—10
ΠΩΛΕΙΤΑΙ οικόπεδο εμβαδού 60 τ.μ. με άδεια. Δρχ. 2.000.000. Πληροφορίες τηλ. 277577.
(Π 942)	1—10
ΠΩΛΕΙΤΑΙ RENAULT 5 T.L. Τιμή 650.000 δρχ. Πληροφορίες τηλ. 242795, 5.30—10 μμ.
(Π 941)	1—5
ΠΩΛΕΙΤΑΙ διαμέρισμα 85 τ.μ. με αποθήκη στο κέντρο της πόλης. Πληροφορίες τηλ. 283150.
(Π 940)	1—2
ΠΩΛΕΙΤΑΙ αυτοκίνητο 4,5 πτυχίο γραφείου 400 τ.μ. στην Μάρο Καρτερού. Πληροφορίες τηλ. 221185 - 283502 - 242843.
(Π 939)	1—10
ΠΩΛΕΙΤΑΙ αυτοκίνητο τζιπ ZAZ, μοντέλο '77, με αδιάκοπη χρήση. Πληροφορίες τηλ. 226212 — 282808.
(Π 945)	1—10
ΠΩΛΕΙΤΑΙ αυτοκίνητο BMW 202 σε τιμή ευκαιρίας. Πληροφορίες τηλ. 251053.
(Π 1004)	1—10
ΠΩΛΕΙΤΑΙ αγροτεμάχιο 3.200 τ.μ. με πισίνα σε μοντέρνο αγρόκτημα. Πληροφορίες τηλ. 241423.
(Π 958)	1—5
ΠΩΛΕΙΤΑΙ αυτοκίνητο ASCONA 1300 και για πιλοτικά. Πληροφορίες τηλ. 285220.
(Π 942)	1—3
ΠΩΛΕΙΤΑΙ οικόπεδο 700 τ.μ. 'Ανω Γάζι. Τιμή 50.000. Πληροφορίες τηλ. 250379.
(Π 944)	1—5
ΠΩΛΕΙΤΑΙ FIAT 127 ABA. Τιμή 90.000. Πληροφορίες τηλ. 255136, από 8 - 9 μμ.
(Π 990)	1—10
ΠΩΛΕΙΤΑΙ οικόπεδο 650 τ.μ. έναντι του ξενοδοχείου Ηρακλείου CRETA BEACH σε τιμή συζήτησης. Τηλ. 258042 — 225410.
(Π 935)	1—3
ΠΩΛΕΙΤΑΙ επιχείρηση ΤΟΣΤ - ΣΟΥΒΛΑΚΙΑ - ΠΑΓΩΤΑ - ΝΤΟΝΑΤΣ κλπ. Τηλ. 248540.
(Π 894)	1—10
ΠΩΛΕΙΤΑΙ όρτια οικόπεδο 4.000 Μ2 στον Ανάγωρο Χερσονήσου. Πληροφορίες τηλ. 228864.
(Π 873)	1—10
ΠΩΛΕΙΤΑΙ αμέσως οικόπεδο 5,5 στρέμματα, 600 μ. από τη θάλασσα, εντός χωριού. Πληροφορίες τηλ. 228897.
(Π 876)	1—6
ΠΩΛΕΙΤΑΙ το ημίσυ επιχείρησης PUB 33, Αγίου Χαραλάμπους. Πληροφορίες τηλ. 28821.
(Π 876)	1—6
ΠΩΛΕΙΤΑΙ οικόπεδο στο Φοινικιά, έναντι εργοστασίου Μαλανδράκη. Πληροφορίες τηλ. 226172.
(Π 880)	1—10
ΠΩΛΕΙΤΑΙ μοτοποδήλατο SUZUKI 50 CC. Πληροφορίες τηλ. 228667 ή 226172.
(Π 881)	1—6
ΠΩΛΕΙΤΑΙ αυτοκίνητο SUZUKI SS - 20, μοντέλο 79, 250.000. Τηλ. 251123, ώρες γραφείου, κ. Γιάννη.
(Π 882)	1—5
ΠΩΛΕΙΤΑΙ φορτηγό βίντζα NATIONAL (NV-100), κάμερα NATIONAL NV - 2 και AC ADAPTOR NV - B11. Πληροφορίες τηλ. 226314, από 9.00 — 22.00.
(Π 912)	1—10
ΠΩΛΕΙΤΑΙ αυτοκίνητο κλούβα DATSUN 2000 σε καλή κατάσταση, μοντ. '81. Πληροφορίες τηλ. 251405.
(Π 857)	1—6
ΠΩΛΕΙΤΑΙ γραφείο, 'Εβανς 77, πολυτελούς κατασκευής, 85 τ.μ. Πληροφορίες τηλ. 221723 — 287177.
(Π 771)	1—6
ΚΤΗΜΑΤΟΜΕΣΙΤΙΚΟ ΓΡΑΦΕΙΟ ΓΕΩΡΓΙΟΥ ΦΑΝΟΥΡΑΚΗ Σταλίδα — Τηλ. 0897 — 61275 και 31527
ΠΩΛΟΥΝΤΑΙ οικόπεδα στην περιοχή Σταλίδας — Μάλια — Χερσόνησο — Γούβες.
(Π 437)	1—6
ΠΩΛΕΙΤΑΙ μαγαζί καινούργιο 104 τ.μ. επί της οδού Εύρου 60, ΓΑΖΙ, με 2 οικοπέδα. Πληροφορίες τηλ. 0831)24439 και 0833)31303.
(Π 903)	1—6
ΠΩΛΕΙΤΑΙ αυτοκίνητο Σιτροέν Ελέν σε καλή κατάσταση. Τηλ. 281298, ώρες καταστημάτων.
(Π 909)	1—10
ΠΩΛΕΙΤΑΙ ΤΑΞΙ «Μερσεντές» 123, μοντέλο 80, OPEL RECORD ΤΑΞΙ. Πληροφορίες τηλ. 238036, ώρες 2—4 και 9—10 μμ.
(Π 923)	1—6
ΕΥΚΑΙΡΙΑ: Πωλείται οικόπεδο στις προνομιούχες περιοχή Αϊμπλιού, με έκταση 2.000 τ.μ. Πληροφορίες τηλ. 222533.
(Π 925)	1—5
ΠΩΛΕΙΤΑΙ σε άριστη κατάσταση ΝΙΣΣΑΝ ΟΛΑΜΠΙΑΛ ψυγείο 2/1 19 τ.μ. Πληροφορίες τηλ. 285513.
(Π 918)	1—5
ΠΩΛΕΙΤΑΙ οικόπεδο 37 και 130 τ.μ. αντιστοιχα, με οικόπεδο με μεγάλη οδό Α. Ακαδημία 25 — 27, τηλ. 289550.
(Π 855)	1—5
ΠΩΛΟΥΝΤΑΙ δύο ισόγεια καταστήματα του ενός των 40 τ.μ. και 22 τ.μ. του άλλου, και 70 τ.μ. στη Λεωφ. Κνωσού. Πληροφορίες τηλ. 761015.
(Π 657)	1—25
ΠΩΛΕΙΤΑΙ οικόπεδο 420 τ.μ. στις Γούβες 1.800 τ.μ. στο Γάζι. Πληροφορίες τηλ. 0897)81253 και 61372.
(Π 853)	1—2
ΠΩΛΕΙΤΑΙ οικόπεδο 1.100 τ.μ. με δρόμο εμπρός. Πληροφορίες τηλ. 289550.
(Π 805)	1—5
ΠΩΛΕΙΤΑΙ κατάστημα στην Λεωφ. Σοφοκλή Βενιζέλου, κοντά στο ΒΕΑΣ. Πληροφορίες τηλ. 274644.
(Π 816)	1—5
ΠΩΛΕΙΤΑΙ FIAT 127 ABA ΚΤΗ 1050 cc σε άριστη κατάσταση, μοντ. 79. Πληροφορίες τηλ. 225725 κ. Μαρκουλάκη.
(Π 887)	1—5
